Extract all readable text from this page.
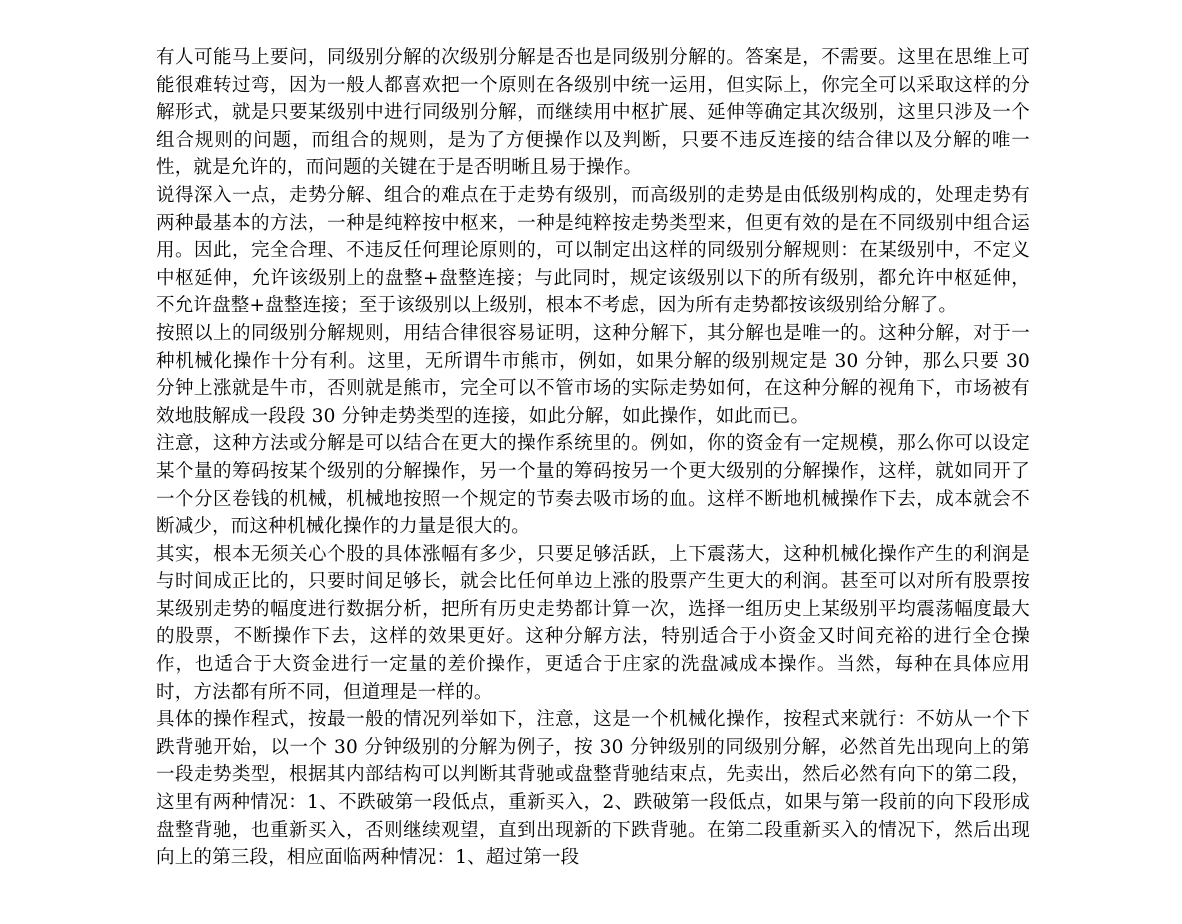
有人可能马上要问，同级别分解的次级别分解是否也是同级别分解的。答案是，不需要。这里在思维上可能很难转过弯，因为一般人都喜欢把一个原则在各级别中统一运用，但实际上，你完全可以采取这样的分解形式，就是只要某级别中进行同级别分解，而继续用中枢扩展、延伸等确定其次级别，这里只涉及一个组合规则的问题，而组合的规则，是为了方便操作以及判断，只要不违反连接的结合律以及分解的唯一性，就是允许的，而问题的关键在于是否明晰且易于操作。

说得深入一点，走势分解、组合的难点在于走势有级别，而高级别的走势是由低级别构成的，处理走势有两种最基本的方法，一种是纯粹按中枢来，一种是纯粹按走势类型来，但更有效的是在不同级别中组合运用。因此，完全合理、不违反任何理论原则的，可以制定出这样的同级别分解规则：在某级别中，不定义中枢延伸，允许该级别上的盘整+盘整连接；与此同时，规定该级别以下的所有级别，都允许中枢延伸，不允许盘整+盘整连接；至于该级别以上级别，根本不考虑，因为所有走势都按该级别给分解了。

按照以上的同级别分解规则，用结合律很容易证明，这种分解下，其分解也是唯一的。这种分解，对于一种机械化操作十分有利。这里，无所谓牛市熊市，例如，如果分解的级别规定是 30 分钟，那么只要 30 分钟上涨就是牛市，否则就是熊市，完全可以不管市场的实际走势如何，在这种分解的视角下，市场被有效地肢解成一段段 30 分钟走势类型的连接，如此分解，如此操作，如此而已。

注意，这种方法或分解是可以结合在更大的操作系统里的。例如，你的资金有一定规模，那么你可以设定某个量的筹码按某个级别的分解操作，另一个量的筹码按另一个更大级别的分解操作，这样，就如同开了一个分区卷钱的机械，机械地按照一个规定的节奏去吸市场的血。这样不断地机械操作下去，成本就会不断减少，而这种机械化操作的力量是很大的。

其实，根本无须关心个股的具体涨幅有多少，只要足够活跃，上下震荡大，这种机械化操作产生的利润是与时间成正比的，只要时间足够长，就会比任何单边上涨的股票产生更大的利润。甚至可以对所有股票按某级别走势的幅度进行数据分析，把所有历史走势都计算一次，选择一组历史上某级别平均震荡幅度最大的股票，不断操作下去，这样的效果更好。这种分解方法，特别适合于小资金又时间充裕的进行全仓操作，也适合于大资金进行一定量的差价操作，更适合于庄家的洗盘减成本操作。当然，每种在具体应用时，方法都有所不同，但道理是一样的。

具体的操作程式，按最一般的情况列举如下，注意，这是一个机械化操作，按程式来就行：不妨从一个下跌背驰开始，以一个 30 分钟级别的分解为例子，按 30 分钟级别的同级别分解，必然首先出现向上的第一段走势类型，根据其内部结构可以判断其背驰或盘整背驰结束点，先卖出，然后必然有向下的第二段，这里有两种情况：1、不跌破第一段低点，重新买入，2、跌破第一段低点，如果与第一段前的向下段形成盘整背驰，也重新买入，否则继续观望，直到出现新的下跌背驰。在第二段重新买入的情况下，然后出现向上的第三段，相应面临两种情况：1、超过第一段
